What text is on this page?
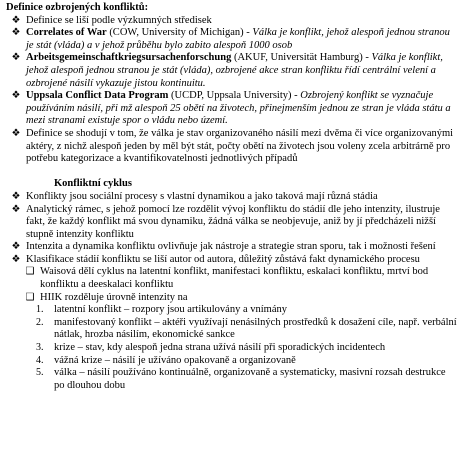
Definice ozbrojených konfliktů:
❖ Definice se liší podle výzkumných středisek
❖ Correlates of War (COW, University of Michigan) - Válka je konflikt, jehož alespoň jednou stranou je stát (vláda) a v jehož průběhu bylo zabito alespoň 1000 osob
❖ Arbeitsgemeinschaftkriegsursachenforschung (AKUF, Universität Hamburg) - Válka je konflikt, jehož alespoň jednou stranou je stát (vláda), ozbrojené akce stran konfliktu řídí centrální velení a ozbrojené násilí vykazuje jistou kontinuitu.
❖ Uppsala Conflict Data Program (UCDP, Uppsala University) - Ozbrojený konflikt se vyznačuje používáním násilí, při mž alespoň 25 obětí na životech, přinejmenším jednou ze stran je vláda státu a mezi stranami existuje spor o vládu nebo území.
❖ Definice se shodují v tom, že válka je stav organizovaného násilí mezi dvěma či více organizovanými aktéry, z nichž alespoň jeden by měl být stát, počty obětí na životech jsou voleny zcela arbitrárně pro potřebu kategorizace a kvantifikovatelnosti jednotlivých případů
Konfliktní cyklus
❖ Konflikty jsou sociální procesy s vlastní dynamikou a jako taková mají různá stádia
❖ Analytický rámec, s jehož pomocí lze rozdělit vývoj konfliktu do stádií dle jeho intenzity, ilustruje fakt, že každý konflikt má svou dynamiku, žádná válka se neobjevuje, aniž by jí předcházeli nižší stupně intenzity konfliktu
❖ Intenzita a dynamika konfliktu ovlivňuje jak nástroje a strategie stran sporu, tak i možnosti řešení
❖ Klasifikace stádií konfliktu se liší autor od autora, důležitý zůstává fakt dynamického procesu
❑ Waisová dělí cyklus na latentní konflikt, manifestaci konfliktu, eskalaci konfliktu, mrtví bod konfliktu a deeskalaci konfliktu
❑ HIIK rozděluje úrovně intenzity na
1.	latentní konflikt – rozpory jsou artikulovány a vnímány
2.	manifestovaný konflikt – aktéři využívají nenásilných prostředků k dosažení cíle, např. verbální nátlak, hrozba násilím, ekonomické sankce
3.	krize – stav, kdy alespoň jedna strana užívá násilí při sporadických incidentech
4.	vážná krize – násilí je užíváno opakovaně a organizovaně
5.	válka – násilí používáno kontinuálně, organizovaně a systematicky, masivní rozsah destrukce po dlouhou dobu
